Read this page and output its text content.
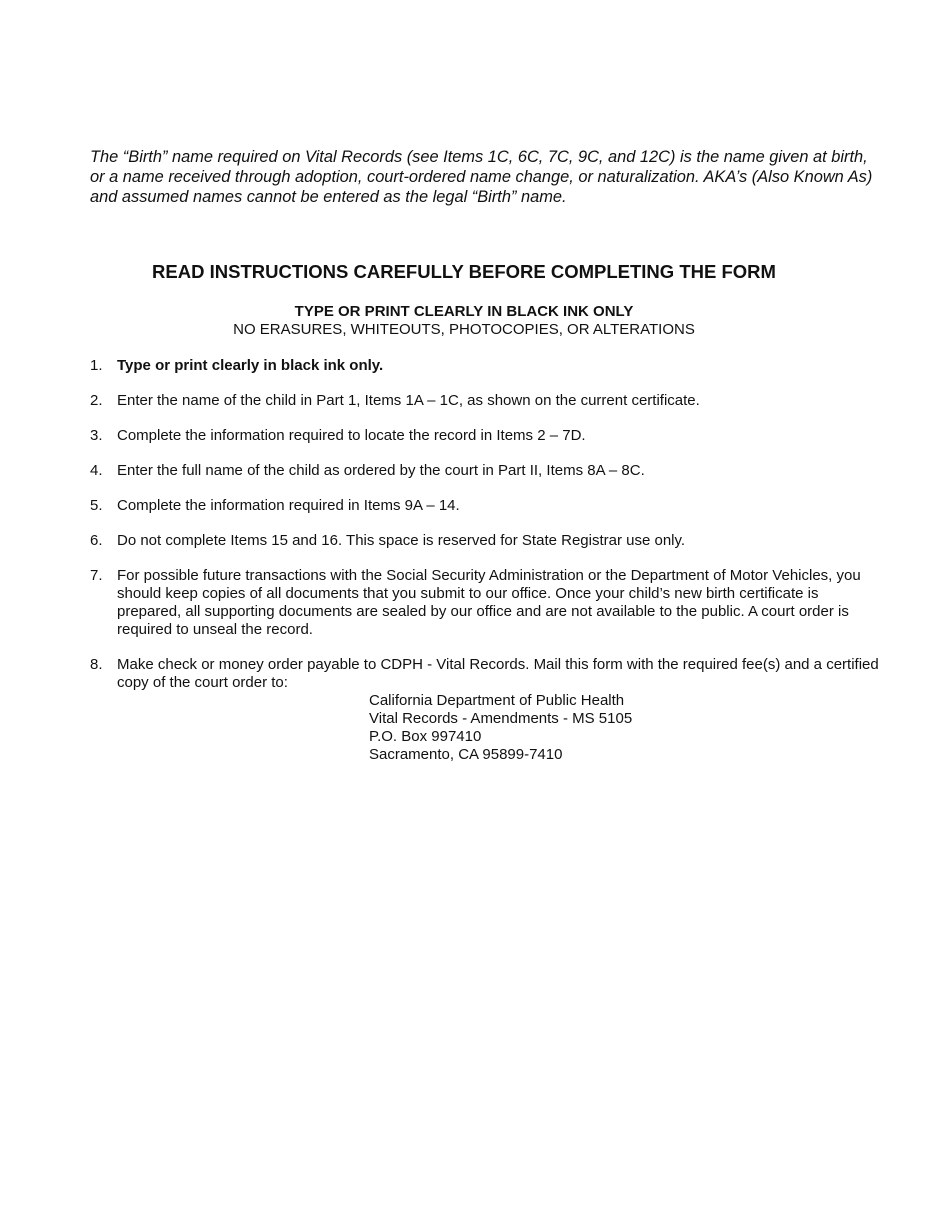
The “Birth” name required on Vital Records (see Items 1C, 6C, 7C, 9C, and 12C) is the name given at birth, or a name received through adoption, court-ordered name change, or naturalization. AKA’s (Also Known As) and assumed names cannot be entered as the legal “Birth” name.

READ INSTRUCTIONS CAREFULLY BEFORE COMPLETING THE FORM
TYPE OR PRINT CLEARLY IN BLACK INK ONLY
NO ERASURES, WHITEOUTS, PHOTOCOPIES, OR ALTERATIONS
1. Type or print clearly in black ink only.
2. Enter the name of the child in Part 1, Items 1A – 1C, as shown on the current certificate.
3. Complete the information required to locate the record in Items 2 – 7D.
4. Enter the full name of the child as ordered by the court in Part II, Items 8A – 8C.
5. Complete the information required in Items 9A – 14.
6. Do not complete Items 15 and 16. This space is reserved for State Registrar use only.
7. For possible future transactions with the Social Security Administration or the Department of Motor Vehicles, you should keep copies of all documents that you submit to our office. Once your child’s new birth certificate is prepared, all supporting documents are sealed by our office and are not available to the public. A court order is required to unseal the record.
8. Make check or money order payable to CDPH - Vital Records. Mail this form with the required fee(s) and a certified copy of the court order to:
California Department of Public Health
Vital Records - Amendments - MS 5105
P.O. Box 997410
Sacramento, CA 95899-7410
